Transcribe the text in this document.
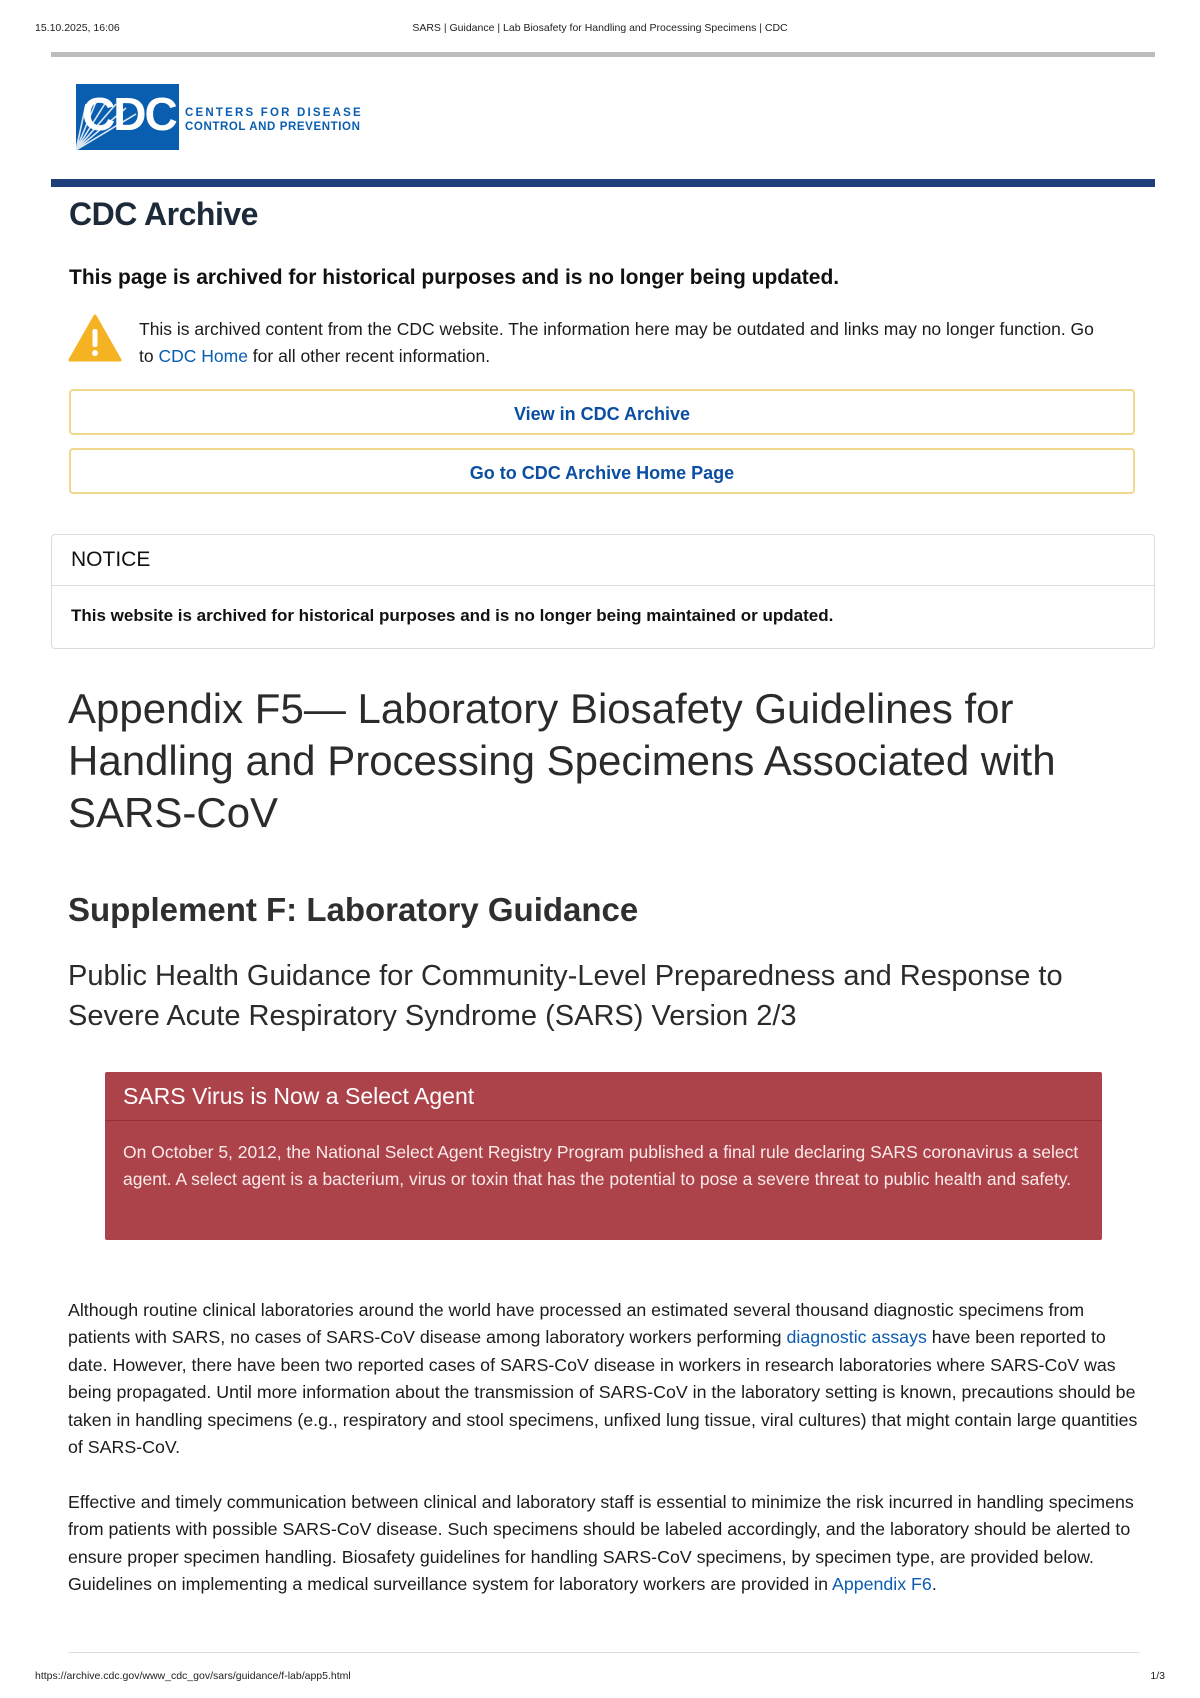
15.10.2025, 16:06	SARS | Guidance | Lab Biosafety for Handling and Processing Specimens | CDC
CDC CENTERS FOR DISEASE
CONTROL AND PREVENTION
CDC Archive
This page is archived for historical purposes and is no longer being updated.
This is archived content from the CDC website. The information here may be outdated and links may no longer function. Go to CDC Home for all other recent information.
View in CDC Archive
Go to CDC Archive Home Page
NOTICE
This website is archived for historical purposes and is no longer being maintained or updated.
Appendix F5— Laboratory Biosafety Guidelines for Handling and Processing Specimens Associated with SARS-CoV
Supplement F: Laboratory Guidance
Public Health Guidance for Community-Level Preparedness and Response to Severe Acute Respiratory Syndrome (SARS) Version 2/3
SARS Virus is Now a Select Agent
On October 5, 2012, the National Select Agent Registry Program published a final rule declaring SARS coronavirus a select agent. A select agent is a bacterium, virus or toxin that has the potential to pose a severe threat to public health and safety.
Although routine clinical laboratories around the world have processed an estimated several thousand diagnostic specimens from patients with SARS, no cases of SARS-CoV disease among laboratory workers performing diagnostic assays have been reported to date. However, there have been two reported cases of SARS-CoV disease in workers in research laboratories where SARS-CoV was being propagated. Until more information about the transmission of SARS-CoV in the laboratory setting is known, precautions should be taken in handling specimens (e.g., respiratory and stool specimens, unfixed lung tissue, viral cultures) that might contain large quantities of SARS-CoV.
Effective and timely communication between clinical and laboratory staff is essential to minimize the risk incurred in handling specimens from patients with possible SARS-CoV disease. Such specimens should be labeled accordingly, and the laboratory should be alerted to ensure proper specimen handling. Biosafety guidelines for handling SARS-CoV specimens, by specimen type, are provided below. Guidelines on implementing a medical surveillance system for laboratory workers are provided in Appendix F6.
https://archive.cdc.gov/www_cdc_gov/sars/guidance/f-lab/app5.html	1/3
